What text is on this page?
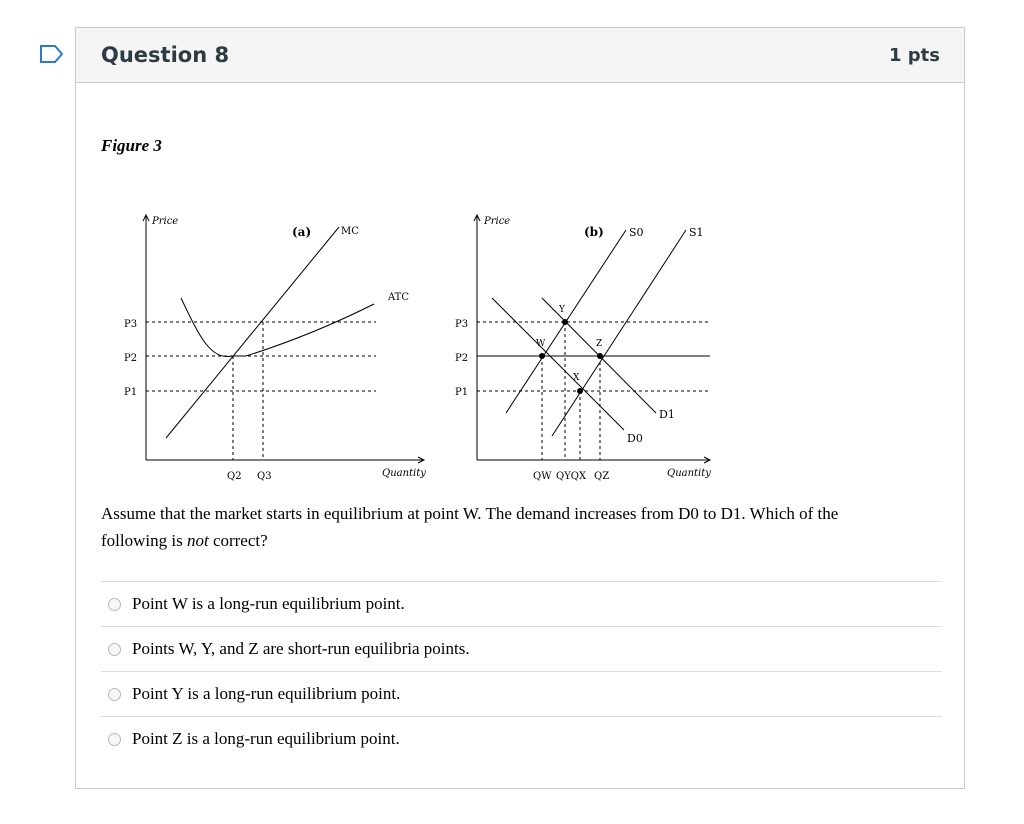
Question 8	1 pts
Figure 3
Price
Quantity
(a)
P3
P2
P1
Q2 Q3
MC
ATC
Price
Quantity
(b)
P3
P2
P1
QW QYQX QZ
S0	S1
D1
D0
W
Y
Z
X
Assume that the market starts in equilibrium at point W. The demand increases from D0 to D1. Which of the following is not correct?
Point W is a long-run equilibrium point.
Points W, Y, and Z are short-run equilibria points.
Point Y is a long-run equilibrium point.
Point Z is a long-run equilibrium point.
